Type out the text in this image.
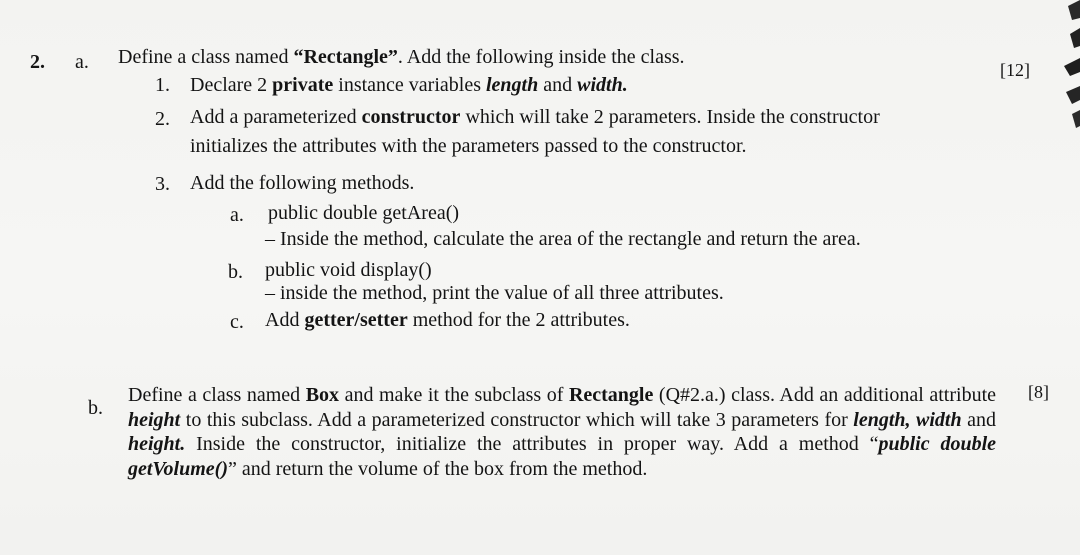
2. a. Define a class named “Rectangle”. Add the following inside the class.
[12]
1. Declare 2 private instance variables length and width.
2. Add a parameterized constructor which will take 2 parameters. Inside the constructor
initializes the attributes with the parameters passed to the constructor.
3. Add the following methods.
a. public double getArea()
– Inside the method, calculate the area of the rectangle and return the area.
b. public void display()
– inside the method, print the value of all three attributes.
c. Add getter/setter method for the 2 attributes.
b.
[8]
Define a class named Box and make it the subclass of Rectangle (Q#2.a.) class. Add an additional attribute height to this subclass. Add a parameterized constructor which will take 3 parameters for length, width and height. Inside the constructor, initialize the attributes in proper way. Add a method “public double getVolume()” and return the volume of the box from the method.
